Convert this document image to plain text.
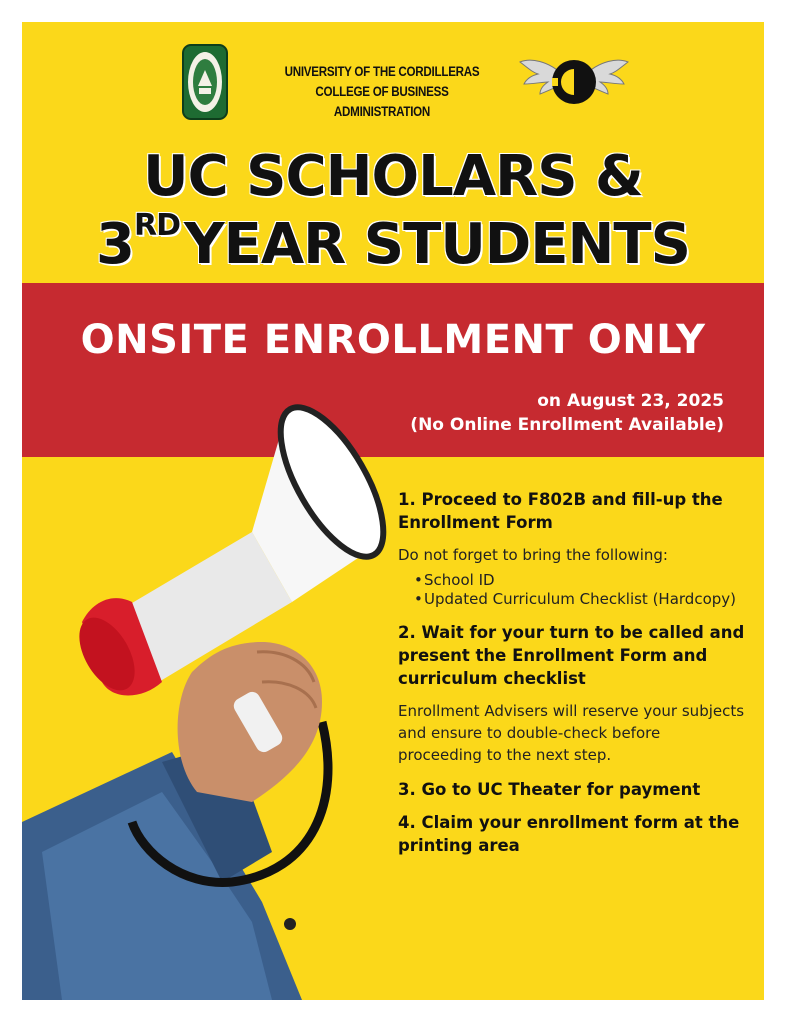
UNIVERSITY OF THE CORDILLERAS
COLLEGE OF BUSINESS ADMINISTRATION
UC SCHOLARS &
3RDYEAR STUDENTS
ONSITE ENROLLMENT ONLY
on August 23, 2025
(No Online Enrollment Available)

1. Proceed to F802B and fill-up the Enrollment Form

Do not forget to bring the following:

• School ID
• Updated Curriculum Checklist (Hardcopy)

2. Wait for your turn to be called and present the Enrollment Form and curriculum checklist

Enrollment Advisers will reserve your subjects and ensure to double-check before proceeding to the next step.

3. Go to UC Theater for payment

4. Claim your enrollment form at the printing area
